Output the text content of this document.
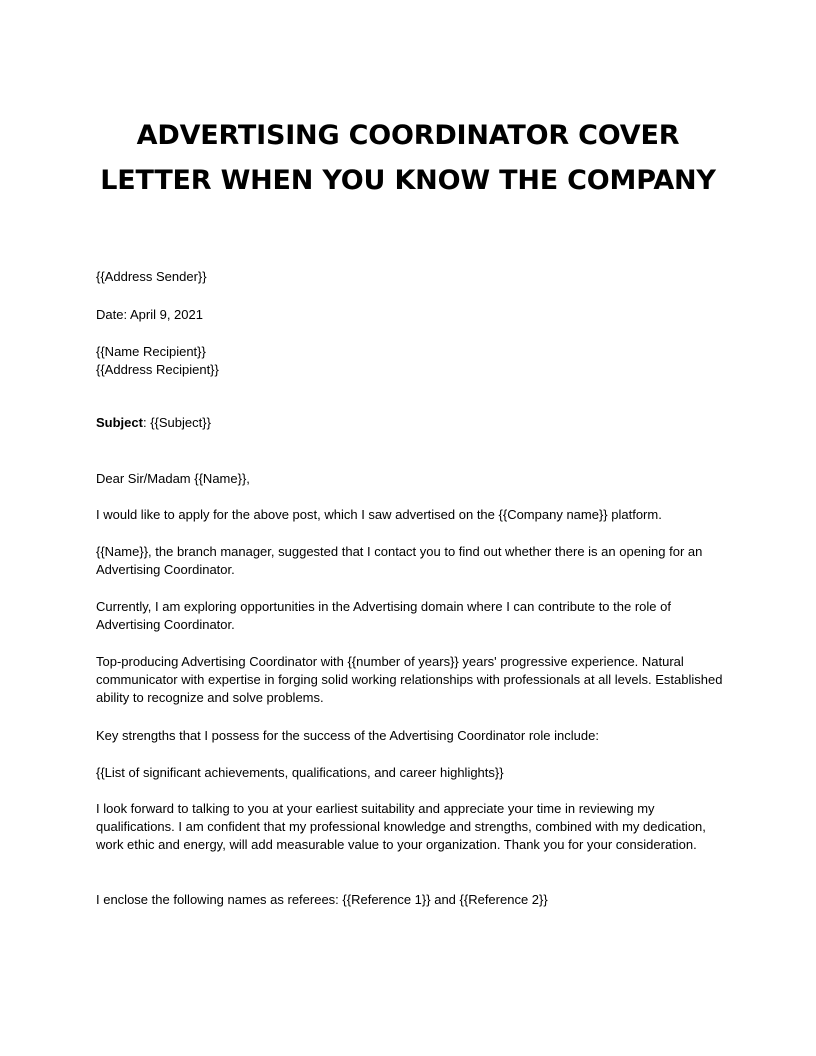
ADVERTISING COORDINATOR COVER
LETTER WHEN YOU KNOW THE COMPANY
{{Address Sender}}
Date: April 9, 2021
{{Name Recipient}}
{{Address Recipient}}
Subject: {{Subject}}
Dear Sir/Madam {{Name}},
I would like to apply for the above post, which I saw advertised on the {{Company name}} platform.
{{Name}}, the branch manager, suggested that I contact you to find out whether there is an opening for an Advertising Coordinator.
Currently, I am exploring opportunities in the Advertising domain where I can contribute to the role of Advertising Coordinator.
Top-producing Advertising Coordinator with {{number of years}} years' progressive experience. Natural communicator with expertise in forging solid working relationships with professionals at all levels. Established ability to recognize and solve problems.
Key strengths that I possess for the success of the Advertising Coordinator role include:
{{List of significant achievements, qualifications, and career highlights}}
I look forward to talking to you at your earliest suitability and appreciate your time in reviewing my qualifications. I am confident that my professional knowledge and strengths, combined with my dedication, work ethic and energy, will add measurable value to your organization. Thank you for your consideration.
I enclose the following names as referees: {{Reference 1}} and {{Reference 2}}
